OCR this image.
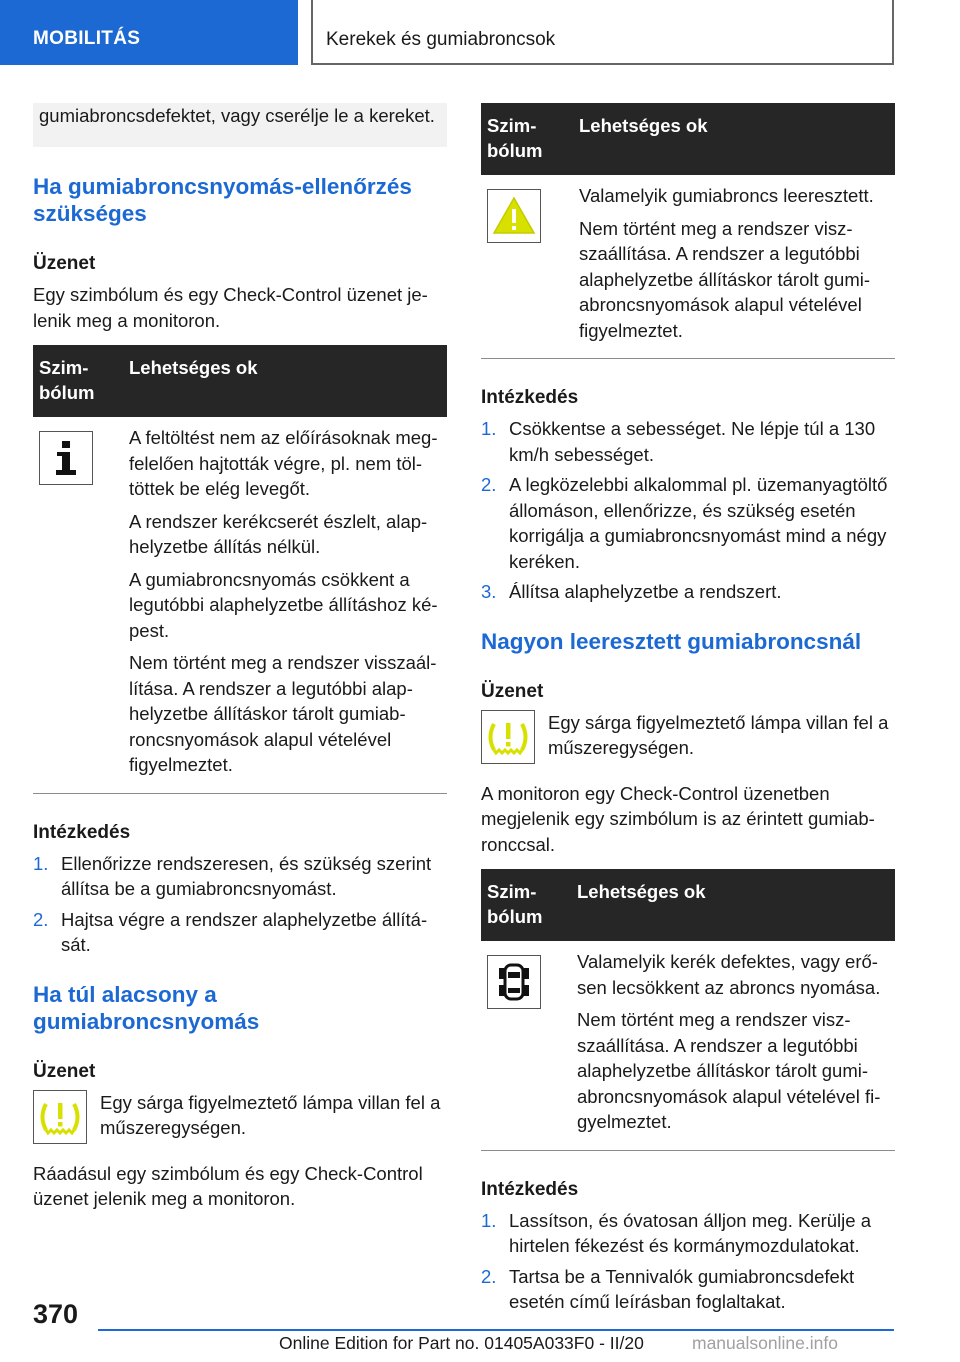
MOBILITÁS	Kerekek és gumiabroncsok

gumiabroncsdefektet, vagy cserélje le a kereket.

Ha gumiabroncsnyomás-ellenőrzés szükséges
Üzenet

Egy szimbólum és egy Check-Control üzenet jelenik meg a monitoron.

Szimbólum	Lehetséges ok

A feltöltést nem az előírásoknak megfelelően hajtották végre, pl. nem töltöttek be elég levegőt.

A rendszer kerékcserét észlelt, alaphelyzetbe állítás nélkül.

A gumiabroncsnyomás csökkent a legutóbbi alaphelyzetbe állításhoz képest.

Nem történt meg a rendszer visszaállítása. A rendszer a legutóbbi alaphelyzetbe állításkor tárolt gumiabroncsnyomások alapul vételével figyelmeztet.

Intézkedés
1. Ellenőrizze rendszeresen, és szükség szerint állítsa be a gumiabroncsnyomást.
2. Hajtsa végre a rendszer alaphelyzetbe állítását.
Ha túl alacsony a gumiabroncsnyomás
Üzenet

Egy sárga figyelmeztető lámpa villan fel a műszeregységen.

Ráadásul egy szimbólum és egy Check-Control üzenet jelenik meg a monitoron.

Szimbólum	Lehetséges ok

Valamelyik gumiabroncs leeresztett.

Nem történt meg a rendszer viszszaállítása. A rendszer a legutóbbi alaphelyzetbe állításkor tárolt gumiabroncsnyomások alapul vételével figyelmeztet.

Intézkedés
1. Csökkentse a sebességet. Ne lépje túl a 130 km/h sebességet.
2. A legközelebbi alkalommal pl. üzemanyagtöltő állomáson, ellenőrizze, és szükség esetén korrigálja a gumiabroncsnyomást mind a négy keréken.
3. Állítsa alaphelyzetbe a rendszert.
Nagyon leeresztett gumiabroncsnál
Üzenet

Egy sárga figyelmeztető lámpa villan fel a műszeregységen.

A monitoron egy Check-Control üzenetben megjelenik egy szimbólum is az érintett gumiabronccsal.

Szimbólum	Lehetséges ok

Valamelyik kerék defektes, vagy erősen lecsökkent az abroncs nyomása.

Nem történt meg a rendszer viszszaállítása. A rendszer a legutóbbi alaphelyzetbe állításkor tárolt gumiabroncsnyomások alapul vételével figyelmeztet.

Intézkedés
1. Lassítson, és óvatosan álljon meg. Kerülje a hirtelen fékezést és kormánymozdulatokat.
2. Tartsa be a Tennivalók gumiabroncsdefekt esetén című leírásban foglaltakat.
370
Online Edition for Part no. 01405A033F0 - II/20	manualsonline.info
